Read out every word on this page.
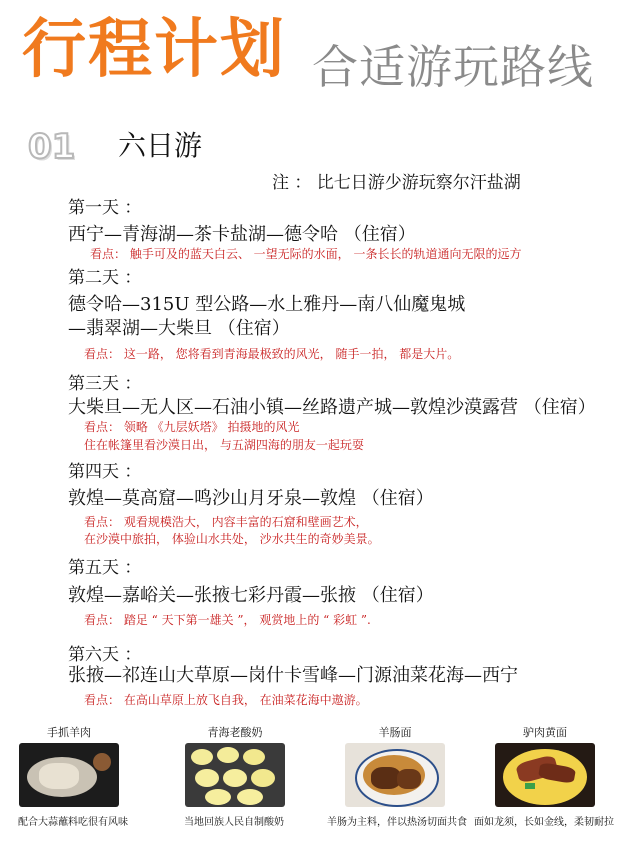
行程计划 合适游玩路线
01 六日游
注 ： 比七日游少游玩察尔汗盐湖
第一天 ：
西宁—青海湖—茶卡盐湖—德令哈 （住宿）
看点： 触手可及的蓝天白云、 一望无际的水面， 一条长长的轨道通向无限的远方
第二天 ：
德令哈—315U 型公路—水上雅丹—南八仙魔鬼城
—翡翠湖—大柴旦 （住宿）
看点： 这一路， 您将看到青海最极致的风光， 随手一拍， 都是大片。
第三天 ：
大柴旦—无人区—石油小镇—丝路遗产城—敦煌沙漠露营 （住宿）
看点： 领略 《九层妖塔》 拍摄地的风光
住在帐篷里看沙漠日出， 与五湖四海的朋友一起玩耍
第四天 ：
敦煌—莫高窟—鸣沙山月牙泉—敦煌 （住宿）
看点： 观看规模浩大， 内容丰富的石窟和壁画艺术，
在沙漠中旅拍， 体验山水共处， 沙水共生的奇妙美景。
第五天 ：
敦煌—嘉峪关—张掖七彩丹霞—张掖 （住宿）
看点： 踏足 “ 天下第一雄关 ”， 观赏地上的 “ 彩虹 ”.
第六天 ：
张掖—祁连山大草原—岗什卡雪峰—门源油菜花海—西宁
看点： 在高山草原上放飞自我， 在油菜花海中遨游。
手抓羊肉
配合大蒜蘸料吃很有风味
青海老酸奶
当地回族人民自制酸奶
羊肠面
羊肠为主料，伴以热汤切面共食
驴肉黄面
面如龙须，长如金线，柔韧耐拉
